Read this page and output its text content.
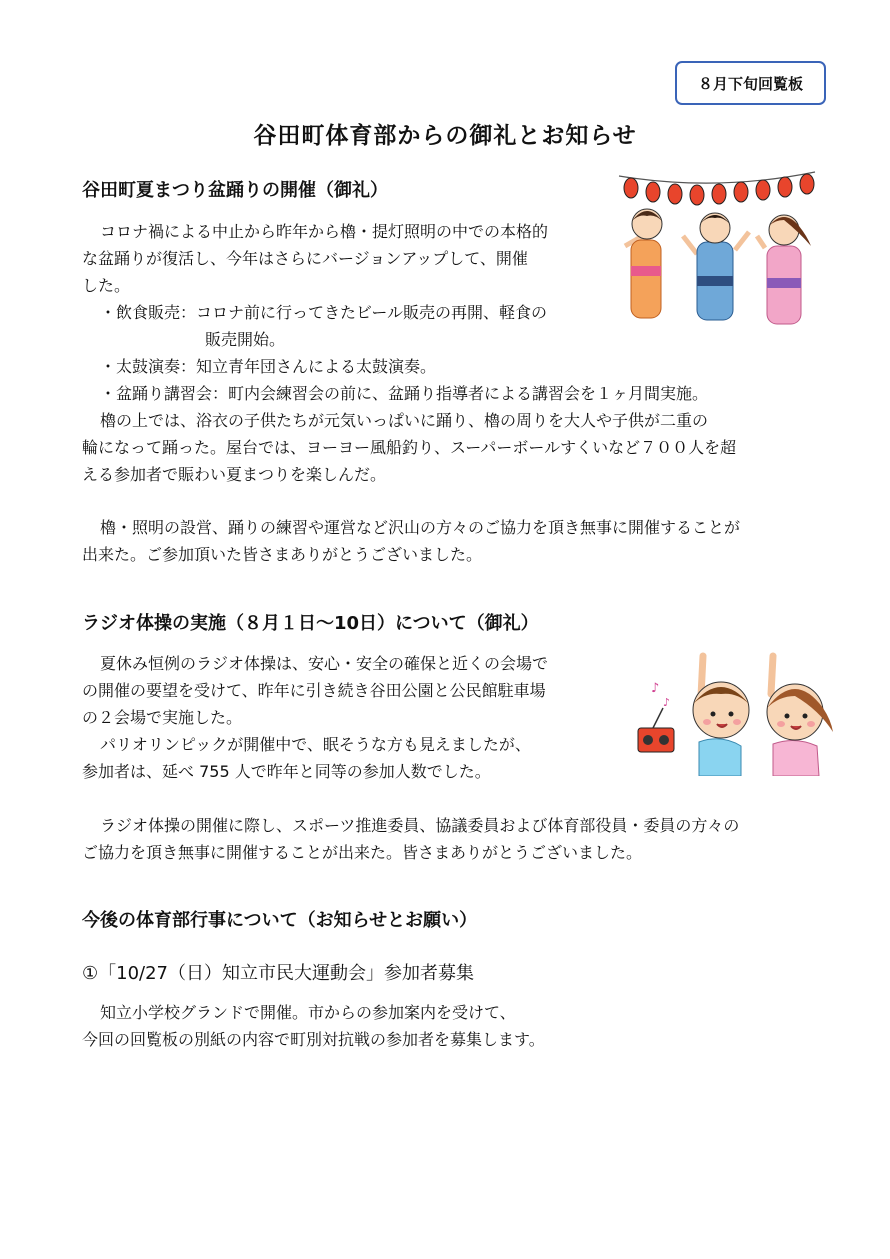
８月下旬回覧板
谷田町体育部からの御礼とお知らせ
谷田町夏まつり盆踊りの開催（御礼）
コロナ禍による中止から昨年から櫓・提灯照明の中での本格的
な盆踊りが復活し、今年はさらにバージョンアップして、開催
した。
・飲食販売：コロナ前に行ってきたビール販売の再開、軽食の
販売開始。
・太鼓演奏：知立青年団さんによる太鼓演奏。
・盆踊り講習会：町内会練習会の前に、盆踊り指導者による講習会を１ヶ月間実施。
櫓の上では、浴衣の子供たちが元気いっぱいに踊り、櫓の周りを大人や子供が二重の
輪になって踊った。屋台では、ヨーヨー風船釣り、スーパーボールすくいなど７００人を超
える参加者で賑わい夏まつりを楽しんだ。
櫓・照明の設営、踊りの練習や運営など沢山の方々のご協力を頂き無事に開催することが
出来た。ご参加頂いた皆さまありがとうございました。
ラジオ体操の実施（８月１日～10日）について（御礼）
夏休み恒例のラジオ体操は、安心・安全の確保と近くの会場で
の開催の要望を受けて、昨年に引き続き谷田公園と公民館駐車場
の２会場で実施した。
パリオリンピックが開催中で、眠そうな方も見えましたが、
参加者は、延べ 755 人で昨年と同等の参加人数でした。
ラジオ体操の開催に際し、スポーツ推進委員、協議委員および体育部役員・委員の方々の
ご協力を頂き無事に開催することが出来た。皆さまありがとうございました。
♪
♪
今後の体育部行事について（お知らせとお願い）
①「10/27（日）知立市民大運動会」参加者募集
知立小学校グランドで開催。市からの参加案内を受けて、
今回の回覧板の別紙の内容で町別対抗戦の参加者を募集します。
